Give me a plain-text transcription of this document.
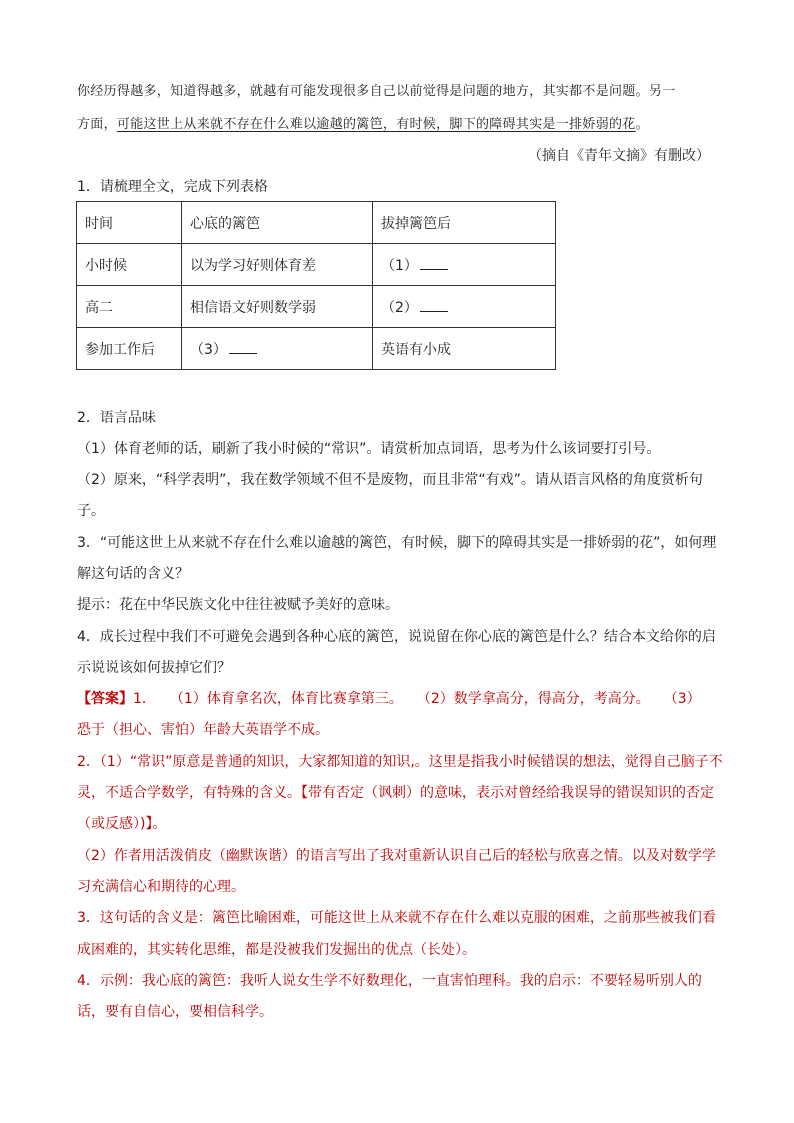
你经历得越多，知道得越多，就越有可能发现很多自己以前觉得是问题的地方，其实都不是问题。另一
方面，可能这世上从来就不存在什么难以逾越的篱笆，有时候，脚下的障碍其实是一排娇弱的花。
（摘自《青年文摘》有删改）
1．请梳理全文，完成下列表格
时间	心底的篱笆	拔掉篱笆后
小时候	以为学习好则体育差	（1）
高二	相信语文好则数学弱	（2）
参加工作后	（3）	英语有小成
2．语言品味
（1）体育老师的话，刷新了我小时候的“常识”。请赏析加点词语，思考为什么该词要打引号。
（2）原来，“科学表明”，我在数学领域不但不是废物，而且非常“有戏”。请从语言风格的角度赏析句
子。
3．“可能这世上从来就不存在什么难以逾越的篱笆，有时候，脚下的障碍其实是一排娇弱的花”，如何理
解这句话的含义？
提示：花在中华民族文化中往往被赋予美好的意味。
4．成长过程中我们不可避免会遇到各种心底的篱笆，说说留在你心底的篱笆是什么？结合本文给你的启
示说说该如何拔掉它们？
【答案】1．　　（1）体育拿名次，体育比赛拿第三。　　（2）数学拿高分，得高分，考高分。　　（3）
恐于（担心、害怕）年龄大英语学不成。
2．（1）“常识”原意是普通的知识，大家都知道的知识,。这里是指我小时候错误的想法，觉得自己脑子不
灵，不适合学数学，有特殊的含义。【带有否定（讽刺）的意味，表示对曾经给我误导的错误知识的否定
（或反感）)】。
（2）作者用活泼俏皮（幽默诙谐）的语言写出了我对重新认识自己后的轻松与欣喜之情。以及对数学学
习充满信心和期待的心理。
3．这句话的含义是：篱笆比喻困难，可能这世上从来就不存在什么难以克服的困难，之前那些被我们看
成困难的，其实转化思维，都是没被我们发掘出的优点（长处）。
4．示例：我心底的篱笆：我听人说女生学不好数理化，一直害怕理科。我的启示：不要轻易听别人的
话，要有自信心，要相信科学。
